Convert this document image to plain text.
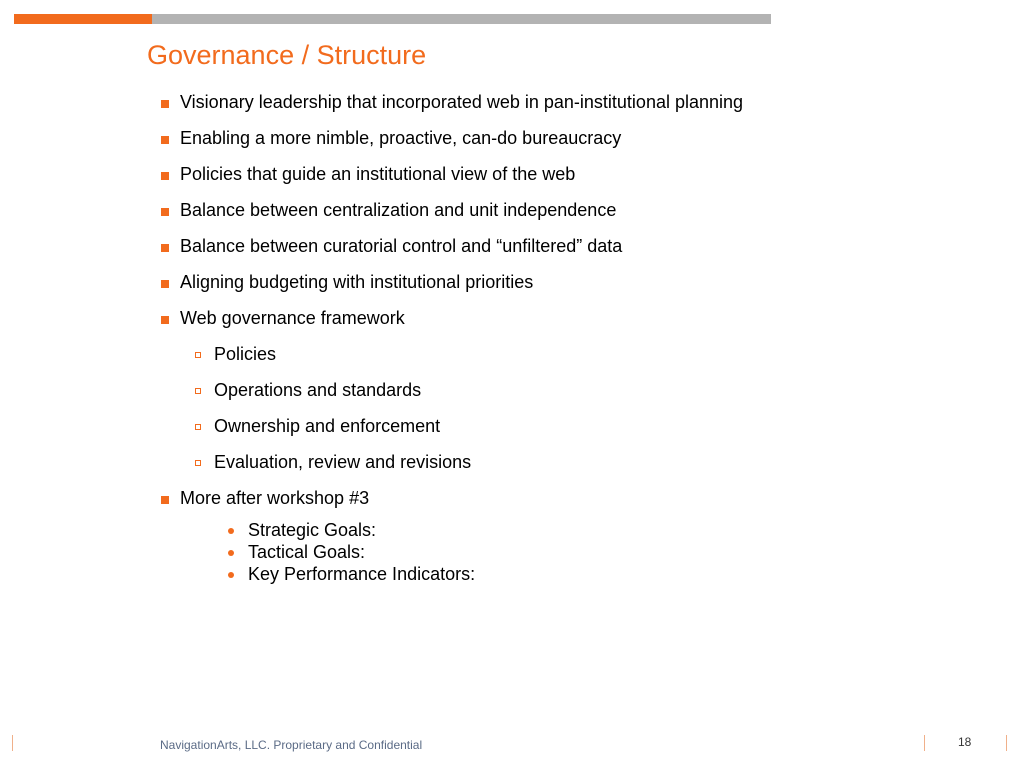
Governance / Structure
Visionary leadership that incorporated web in pan-institutional planning
Enabling a more nimble, proactive, can-do bureaucracy
Policies that guide an institutional view of the web
Balance between centralization and unit independence
Balance between curatorial control and “unfiltered” data
Aligning budgeting with institutional priorities
Web governance framework
Policies
Operations and standards
Ownership and enforcement
Evaluation, review and revisions
More after workshop #3
Strategic Goals:
Tactical Goals:
Key Performance Indicators:
NavigationArts, LLC. Proprietary and Confidential	18
